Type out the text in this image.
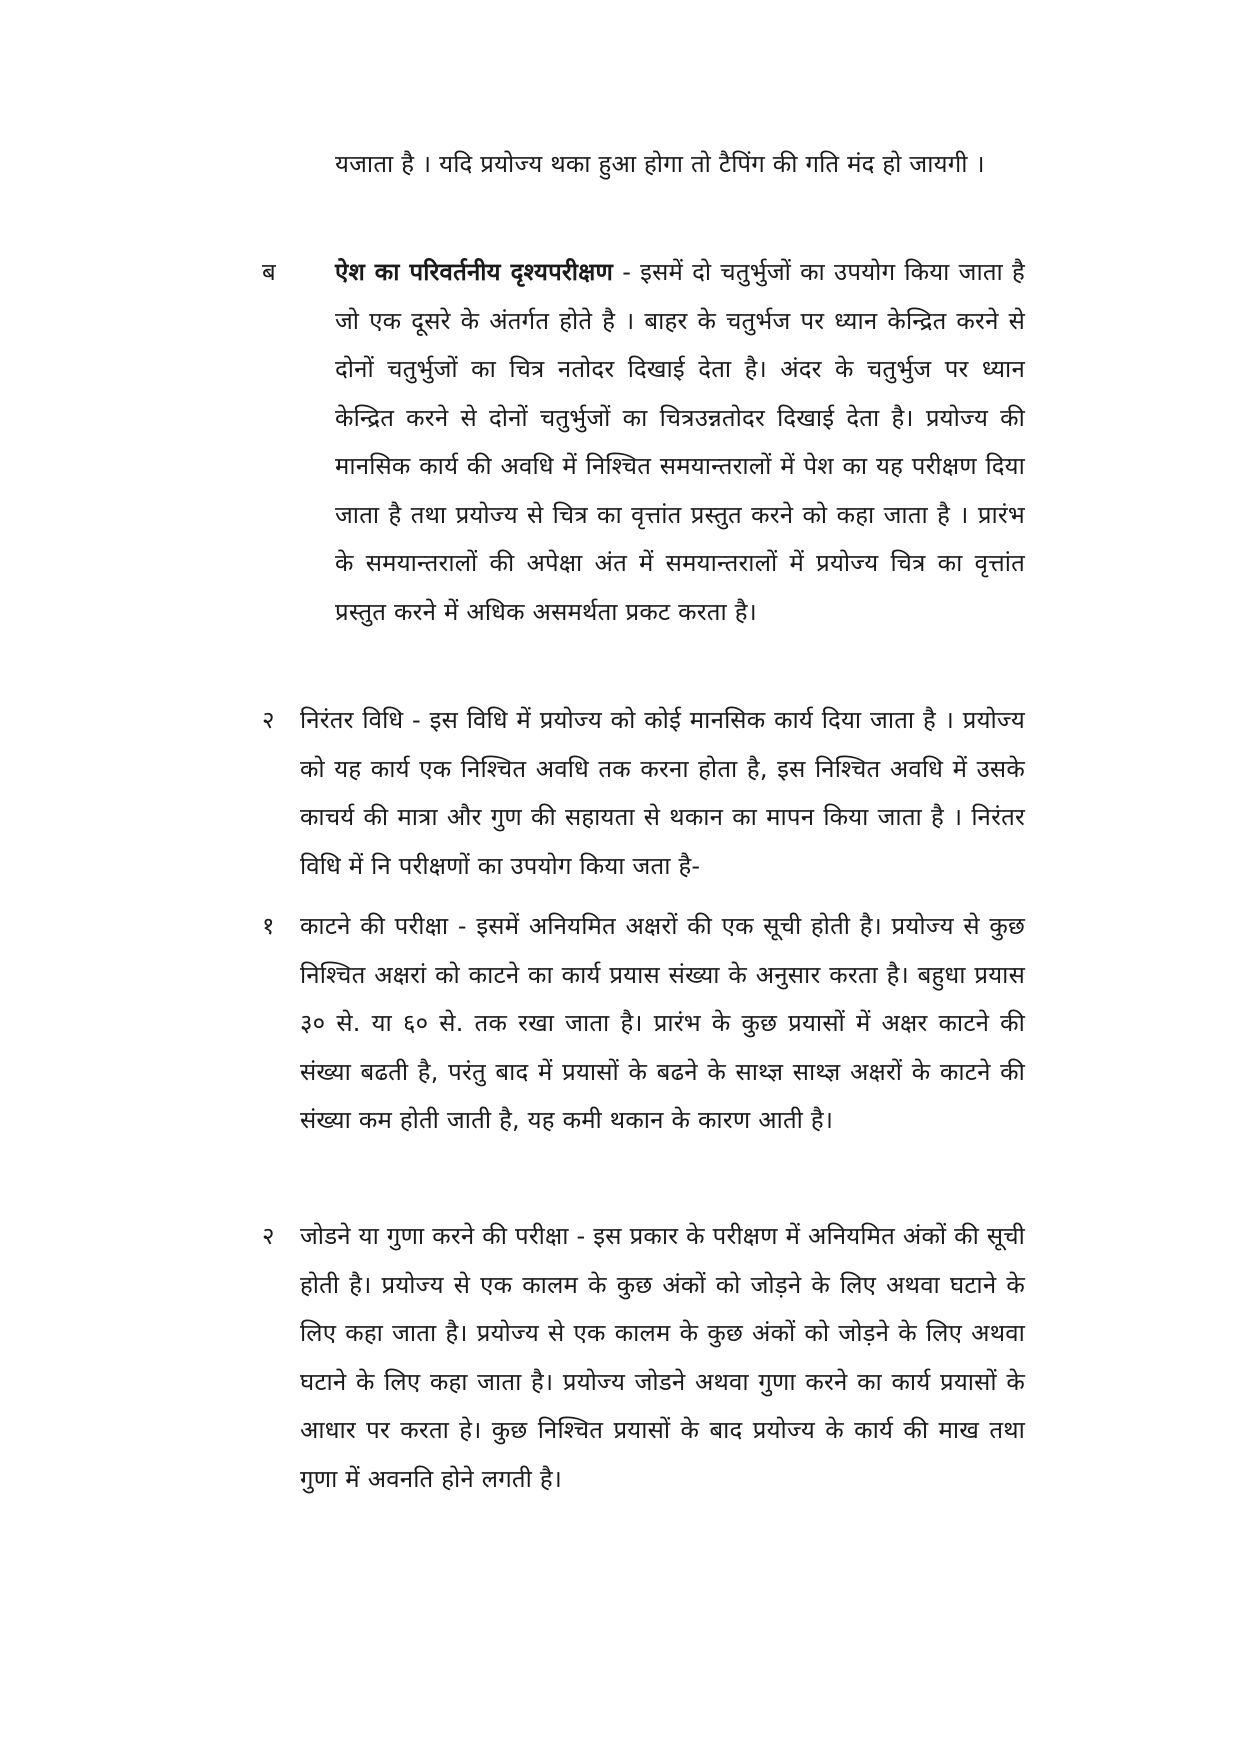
यजाता है । यदि प्रयोज्य थका हुआ होगा तो टैपिंग की गति मंद हो जायगी ।
ब ऐश का परिवर्तनीय दृश्यपरीक्षण - इसमें दो चतुर्भुजों का उपयोग किया जाता है जो एक दूसरे के अंतर्गत होते है । बाहर के चतुर्भज पर ध्यान केन्द्रित करने से दोनों चतुर्भुजों का चित्र नतोदर दिखाई देता है। अंदर के चतुर्भुज पर ध्यान केन्द्रित करने से दोनों चतुर्भुजों का चित्रउन्नतोदर दिखाई देता है। प्रयोज्य की मानसिक कार्य की अवधि में निश्चित समयान्तरालों में पेश का यह परीक्षण दिया जाता है तथा प्रयोज्य से चित्र का वृत्तांत प्रस्तुत करने को कहा जाता है । प्रारंभ के समयान्तरालों की अपेक्षा अंत में समयान्तरालों में प्रयोज्य चित्र का वृत्तांत प्रस्तुत करने में अधिक असमर्थता प्रकट करता है।
२ निरंतर विधि - इस विधि में प्रयोज्य को कोई मानसिक कार्य दिया जाता है । प्रयोज्य को यह कार्य एक निश्चित अवधि तक करना होता है, इस निश्चित अवधि में उसके काचर्य की मात्रा और गुण की सहायता से थकान का मापन किया जाता है । निरंतर विधि में नि परीक्षणों का उपयोग किया जता है-
१ काटने की परीक्षा - इसमें अनियमित अक्षरों की एक सूची होती है। प्रयोज्य से कुछ निश्चित अक्षरां को काटने का कार्य प्रयास संख्या के अनुसार करता है। बहुधा प्रयास ३० से. या ६० से. तक रखा जाता है। प्रारंभ के कुछ प्रयासों में अक्षर काटने की संख्या बढती है, परंतु बाद में प्रयासों के बढने के साथ्ज्ञ साथ्ज्ञ अक्षरों के काटने की संख्या कम होती जाती है, यह कमी थकान के कारण आती है।
२ जोडने या गुणा करने की परीक्षा - इस प्रकार के परीक्षण में अनियमित अंकों की सूची होती है। प्रयोज्य से एक कालम के कुछ अंकों को जोड़ने के लिए अथवा घटाने के लिए कहा जाता है। प्रयोज्य से एक कालम के कुछ अंकों को जोड़ने के लिए अथवा घटाने के लिए कहा जाता है। प्रयोज्य जोडने अथवा गुणा करने का कार्य प्रयासों के आधार पर करता हे। कुछ निश्चित प्रयासों के बाद प्रयोज्य के कार्य की माख तथा गुणा में अवनति होने लगती है।
